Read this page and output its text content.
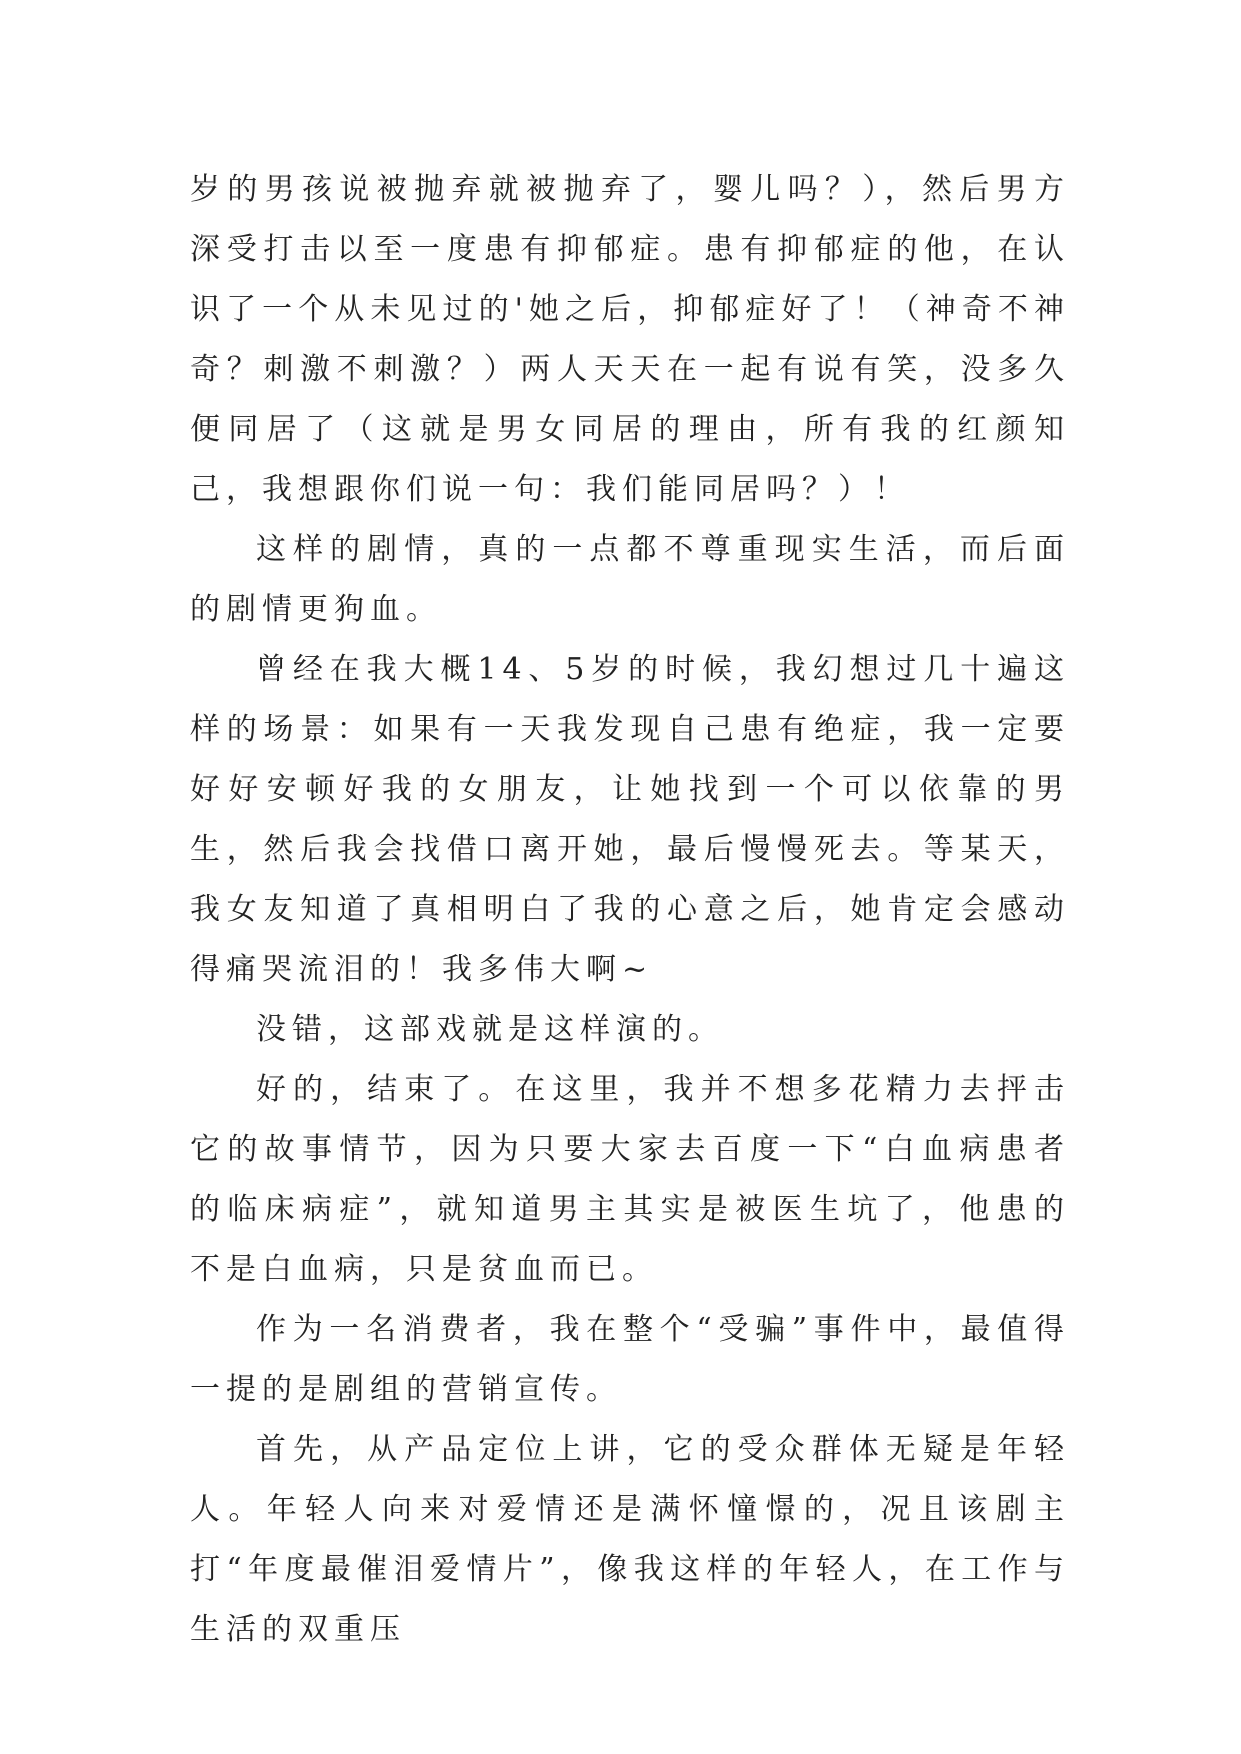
岁的男孩说被抛弃就被抛弃了，婴儿吗？），然后男方深受打击以至一度患有抑郁症。患有抑郁症的他，在认识了一个从未见过的'她之后，抑郁症好了！（神奇不神奇？刺激不刺激？）两人天天在一起有说有笑，没多久便同居了（这就是男女同居的理由，所有我的红颜知己，我想跟你们说一句：我们能同居吗？）！

这样的剧情，真的一点都不尊重现实生活，而后面的剧情更狗血。

曾经在我大概14、5岁的时候，我幻想过几十遍这样的场景：如果有一天我发现自己患有绝症，我一定要好好安顿好我的女朋友，让她找到一个可以依靠的男生，然后我会找借口离开她，最后慢慢死去。等某天，我女友知道了真相明白了我的心意之后，她肯定会感动得痛哭流泪的！我多伟大啊~

没错，这部戏就是这样演的。

好的，结束了。在这里，我并不想多花精力去抨击它的故事情节，因为只要大家去百度一下“白血病患者的临床病症”，就知道男主其实是被医生坑了，他患的不是白血病，只是贫血而已。

作为一名消费者，我在整个“受骗”事件中，最值得一提的是剧组的营销宣传。

首先，从产品定位上讲，它的受众群体无疑是年轻人。年轻人向来对爱情还是满怀憧憬的，况且该剧主打“年度最催泪爱情片”，像我这样的年轻人，在工作与生活的双重压
